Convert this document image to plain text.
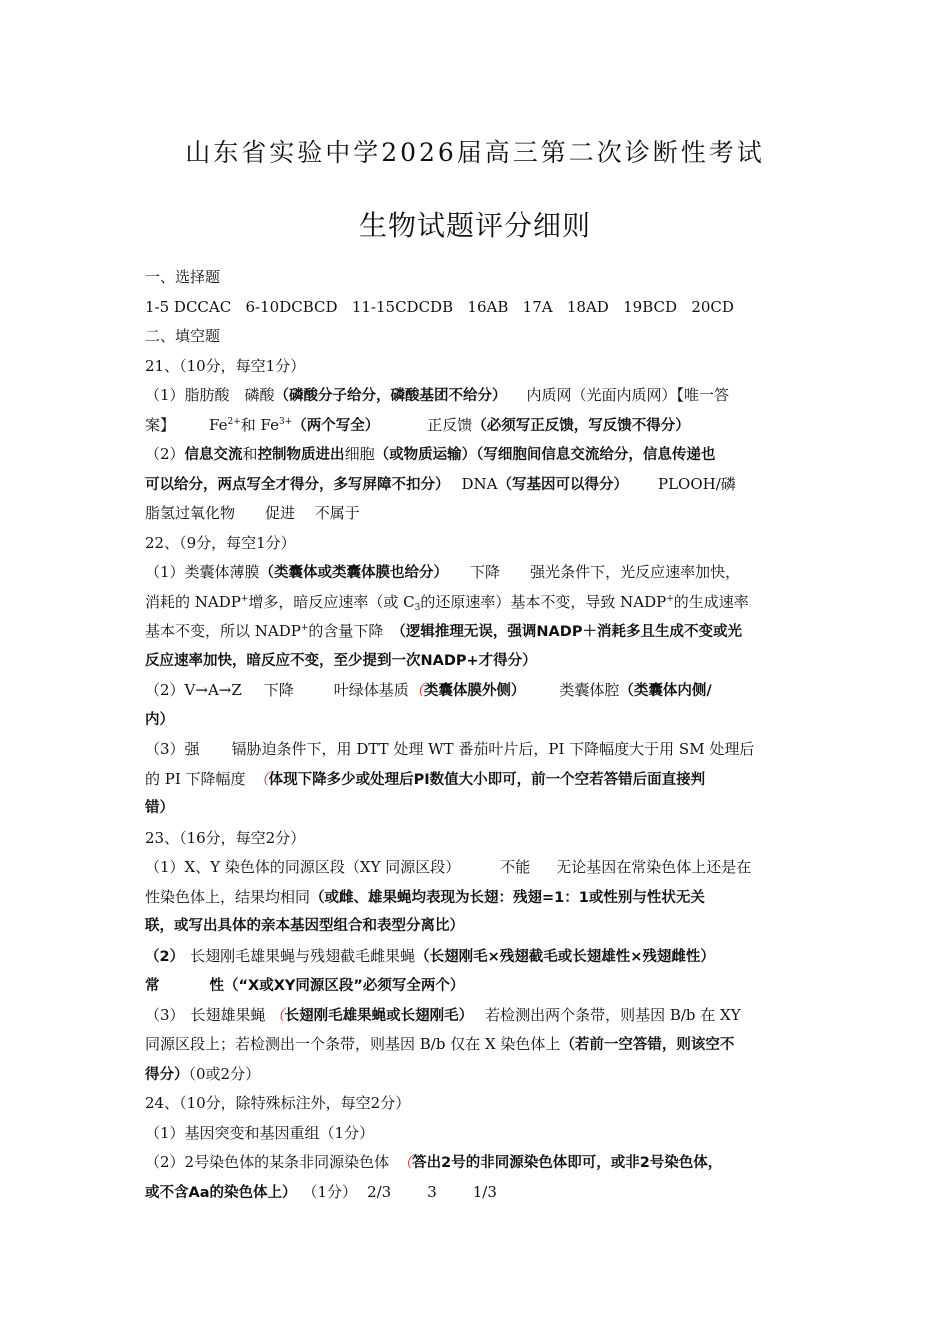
山东省实验中学2026届高三第二次诊断性考试
生物试题评分细则
一、选择题
1-5 DCCAC   6-10DCBCD   11-15CDCDB   16AB   17A   18AD   19BCD   20CD
二、填空题
21、（10分，每空1分）
（1）脂肪酸　磷酸（磷酸分子给分，磷酸基团不给分） 内质网（光面内质网）【唯一答
案】 $Fe^{2+}$和 $Fe^{3+}$（两个写全）	正反馈（必须写正反馈，写反馈不得分）
（2）信息交流和控制物质进出细胞（或物质运输）（写细胞间信息交流给分，信息传递也
可以给分，两点写全才得分，多写屏障不扣分） DNA（写基因可以得分） PLOOH/磷
脂氢过氧化物　　促进　 不属于
22、（9分，每空1分）
（1）类囊体薄膜（类囊体或类囊体膜也给分） 下降 强光条件下，光反应速率加快，
消耗的 NADP+增多，暗反应速率（或 $C_3$的还原速率）基本不变，导致 NADP+的生成速率
基本不变，所以 NADP+的含量下降 （逻辑推理无误，强调NADP＋消耗多且生成不变或光
反应速率加快，暗反应不变，至少提到一次NADP+才得分）
（2）V→A→Z 下降	叶绿体基质（类囊体膜外侧） 类囊体腔（类囊体内侧/
内）
（3）强 镉胁迫条件下，用 DTT 处理 WT 番茄叶片后，PI 下降幅度大于用 SM 处理后
的 PI 下降幅度 （体现下降多少或处理后PI数值大小即可，前一个空若答错后面直接判
错）
23、（16分，每空2分）
（1）X、Y 染色体的同源区段（XY 同源区段）	不能 无论基因在常染色体上还是在
性染色体上，结果均相同（或雌、雄果蝇均表现为长翅：残翅=1：1或性别与性状无关
联，或写出具体的亲本基因型组合和表型分离比）
（2） 长翅刚毛雄果蝇与残翅截毛雌果蝇（长翅刚毛×残翅截毛或长翅雄性×残翅雌性）
常	性（“X或XY同源区段”必须写全两个）
（3） 长翅雄果蝇 （长翅刚毛雄果蝇或长翅刚毛） 若检测出两个条带，则基因 B/b 在 XY
同源区段上；若检测出一个条带，则基因 B/b 仅在 X 染色体上（若前一空答错，则该空不
得分）（0或2分）
24、（10分，除特殊标注外，每空2分）
（1）基因突变和基因重组（1分）
（2）2号染色体的某条非同源染色体 （答出2号的非同源染色体即可，或非2号染色体，
或不含Aa的染色体上） （1分） 2/3 3 1/3
